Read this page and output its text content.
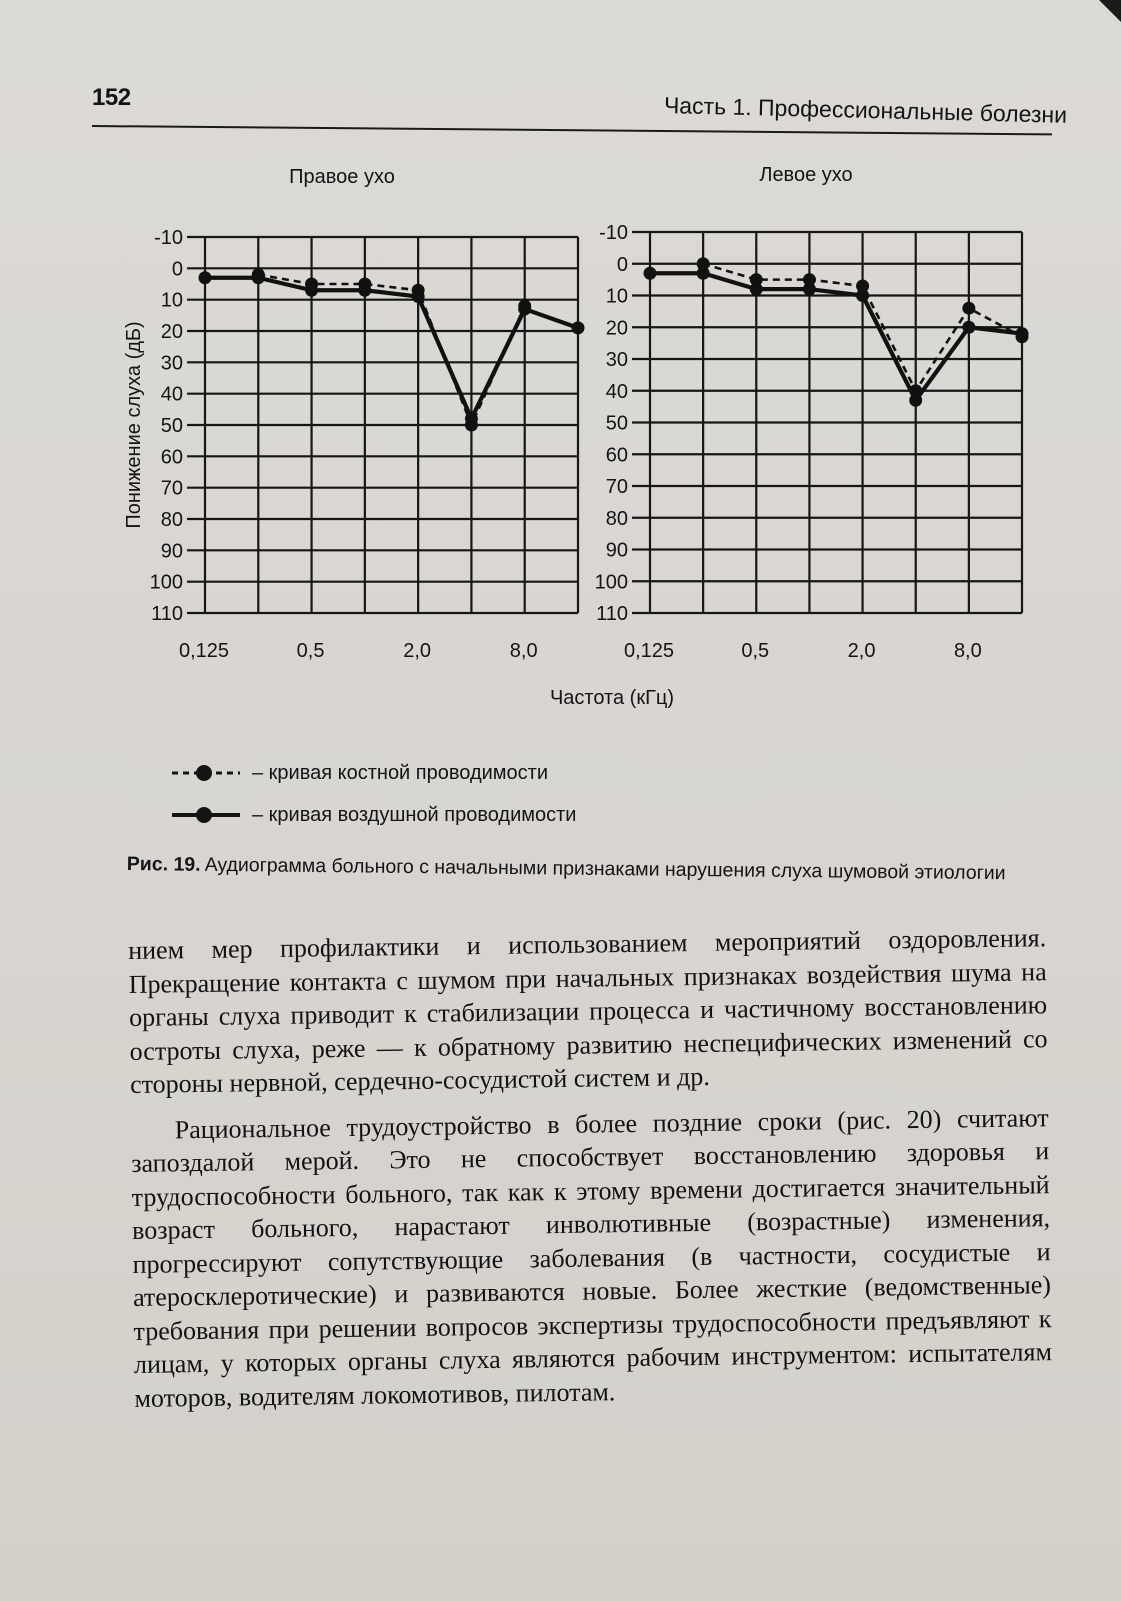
152	Часть 1. Профессиональные болезни
Правое ухо	Левое ухо
Понижение слуха (дБ)
Частота (кГц)
-10
0
10
20
30
40
50
60
70
80
90
100
110
0,125	0,5	2,0	8,0
-10
0
10
20
30
40
50
60
70
80
90
100
110
0,125	0,5	2,0	8,0
– кривая костной проводимости
– кривая воздушной проводимости
Рис. 19. Аудиограмма больного с начальными признаками нарушения слуха шумовой этиологии

нием мер профилактики и использованием мероприятий оздоровления. Прекращение контакта с шумом при начальных признаках воздействия шума на органы слуха приводит к стабилизации процесса и частичному восстановлению остроты слуха, реже — к обратному развитию неспецифических изменений со стороны нервной, сердечно-сосудистой систем и др.

Рациональное трудоустройство в более поздние сроки (рис. 20) считают запоздалой мерой. Это не способствует восстановлению здоровья и трудоспособности больного, так как к этому времени достигается значительный возраст больного, нарастают инволютивные (возрастные) изменения, прогрессируют сопутствующие заболевания (в частности, сосудистые и атеросклеротические) и развиваются новые. Более жесткие (ведомственные) требования при решении вопросов экспертизы трудоспособности предъявляют к лицам, у которых органы слуха являются рабочим инструментом: испытателям моторов, водителям локомотивов, пилотам.
